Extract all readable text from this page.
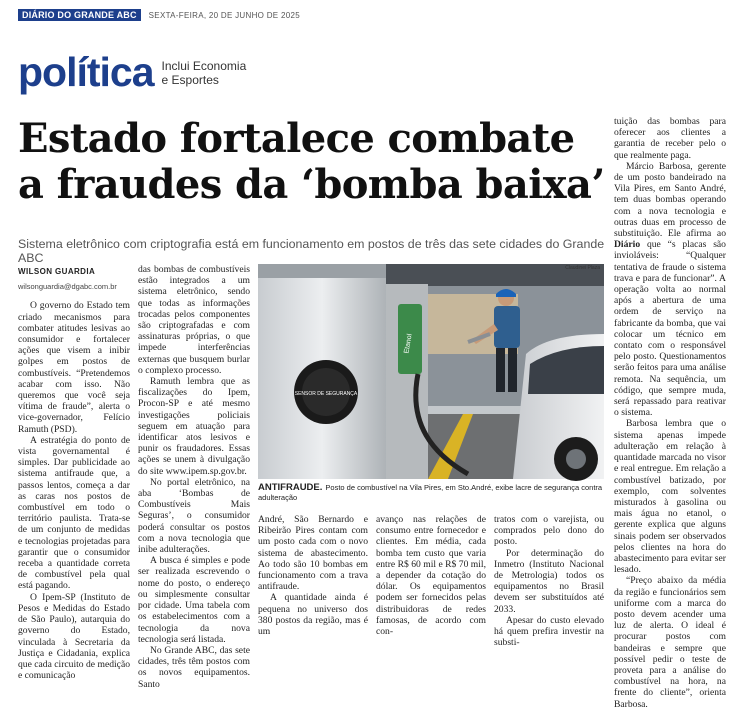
DIÁRIO DO GRANDE ABC	SEXTA-FEIRA, 20 DE JUNHO DE 2025
política Inclui Economia
e Esportes
Estado fortalece combate
a fraudes da ‘bomba baixa’
Sistema eletrônico com criptografia está em funcionamento em postos de três das sete cidades do Grande ABC
WILSON GUARDIA
wilsonguardia@dgabc.com.br

O governo do Estado tem criado mecanismos para combater atitudes lesivas ao consumidor e fortalecer ações que visem a inibir golpes em postos de combustíveis. “Pretendemos acabar com isso. Não queremos que você seja vítima de fraude”, alerta o vice-governador, Felício Ramuth (PSD).

A estratégia do ponto de vista governamental é simples. Dar publicidade ao sistema antifraude que, a passos lentos, começa a dar as caras nos postos de combustível em todo o território paulista. Trata-se de um conjunto de medidas e tecnologias projetadas para garantir que o consumidor receba a quantidade correta de combustível pela qual está pagando.

O Ipem-SP (Instituto de Pesos e Medidas do Estado de São Paulo), autarquia do governo do Estado, vinculada à Secretaria da Justiça e Cidadania, explica que cada circuito de medição e comunicação

das bombas de combustíveis estão integrados a um sistema eletrônico, sendo que todas as informações trocadas pelos componentes são criptografadas e com assinaturas próprias, o que impede interferências externas que busquem burlar o complexo processo.

Ramuth lembra que as fiscalizações do Ipem, Procon-SP e até mesmo investigações policiais seguem em atuação para identificar atos lesivos e punir os fraudadores. Essas ações se unem à divulgação do site www.ipem.sp.gov.br.

No portal eletrônico, na aba ‘Bombas de Combustíveis Mais Seguras’, o consumidor poderá consultar os postos com a nova tecnologia que inibe adulterações.

A busca é simples e pode ser realizada escrevendo o nome do posto, o endereço ou simplesmente consultar por cidade. Uma tabela com os estabelecimentos com a tecnologia da nova tecnologia será listada.

No Grande ABC, das sete cidades, três têm postos com os novos equipamentos. Santo

Etanol
SENSOR DE SEGURANÇA
Claudinei Plaza
ANTIFRAUDE. Posto de combustível na Vila Pires, em Sto.André, exibe lacre de segurança contra adulteração

André, São Bernardo e Ribeirão Pires contam com um posto cada com o novo sistema de abastecimento. Ao todo são 10 bombas em funcionamento com a trava antifraude.

A quantidade ainda é pequena no universo dos 380 postos da região, mas é um

avanço nas relações de consumo entre fornecedor e clientes. Em média, cada bomba tem custo que varia entre R$ 60 mil e R$ 70 mil, a depender da cotação do dólar. Os equipamentos podem ser fornecidos pelas distribuidoras de redes famosas, de acordo com con-

tratos com o varejista, ou comprados pelo dono do posto.

Por determinação do Inmetro (Instituto Nacional de Metrologia) todos os equipamentos no Brasil devem ser substituídos até 2033.

Apesar do custo elevado há quem prefira investir na substi-

tuição das bombas para oferecer aos clientes a garantia de receber pelo o que realmente paga.

Márcio Barbosa, gerente de um posto bandeirado na Vila Pires, em Santo André, tem duas bombas operando com a nova tecnologia e outras duas em processo de substituição. Ele afirma ao Diário que “s placas são invioláveis: “Qualquer tentativa de fraude o sistema trava e para de funcionar”. A operação volta ao normal após a abertura de uma ordem de serviço na fabricante da bomba, que vai colocar um técnico em contato com o responsável pelo posto. Questionamentos serão feitos para uma análise remota. Na sequência, um código, que sempre muda, será repassado para reativar o sistema.

Barbosa lembra que o sistema apenas impede adulteração em relação à quantidade marcada no visor e real entregue. Em relação a combustível batizado, por exemplo, com solventes misturados à gasolina ou mais água no etanol, o gerente explica que alguns sinais podem ser observados pelos clientes na hora do abastecimento para evitar ser lesado.

“Preço abaixo da média da região e funcionários sem uniforme com a marca do posto devem acender uma luz de alerta. O ideal é procurar postos com bandeiras e sempre que possível pedir o teste de proveta para a análise do combustível na hora, na frente do cliente”, orienta Barbosa.
